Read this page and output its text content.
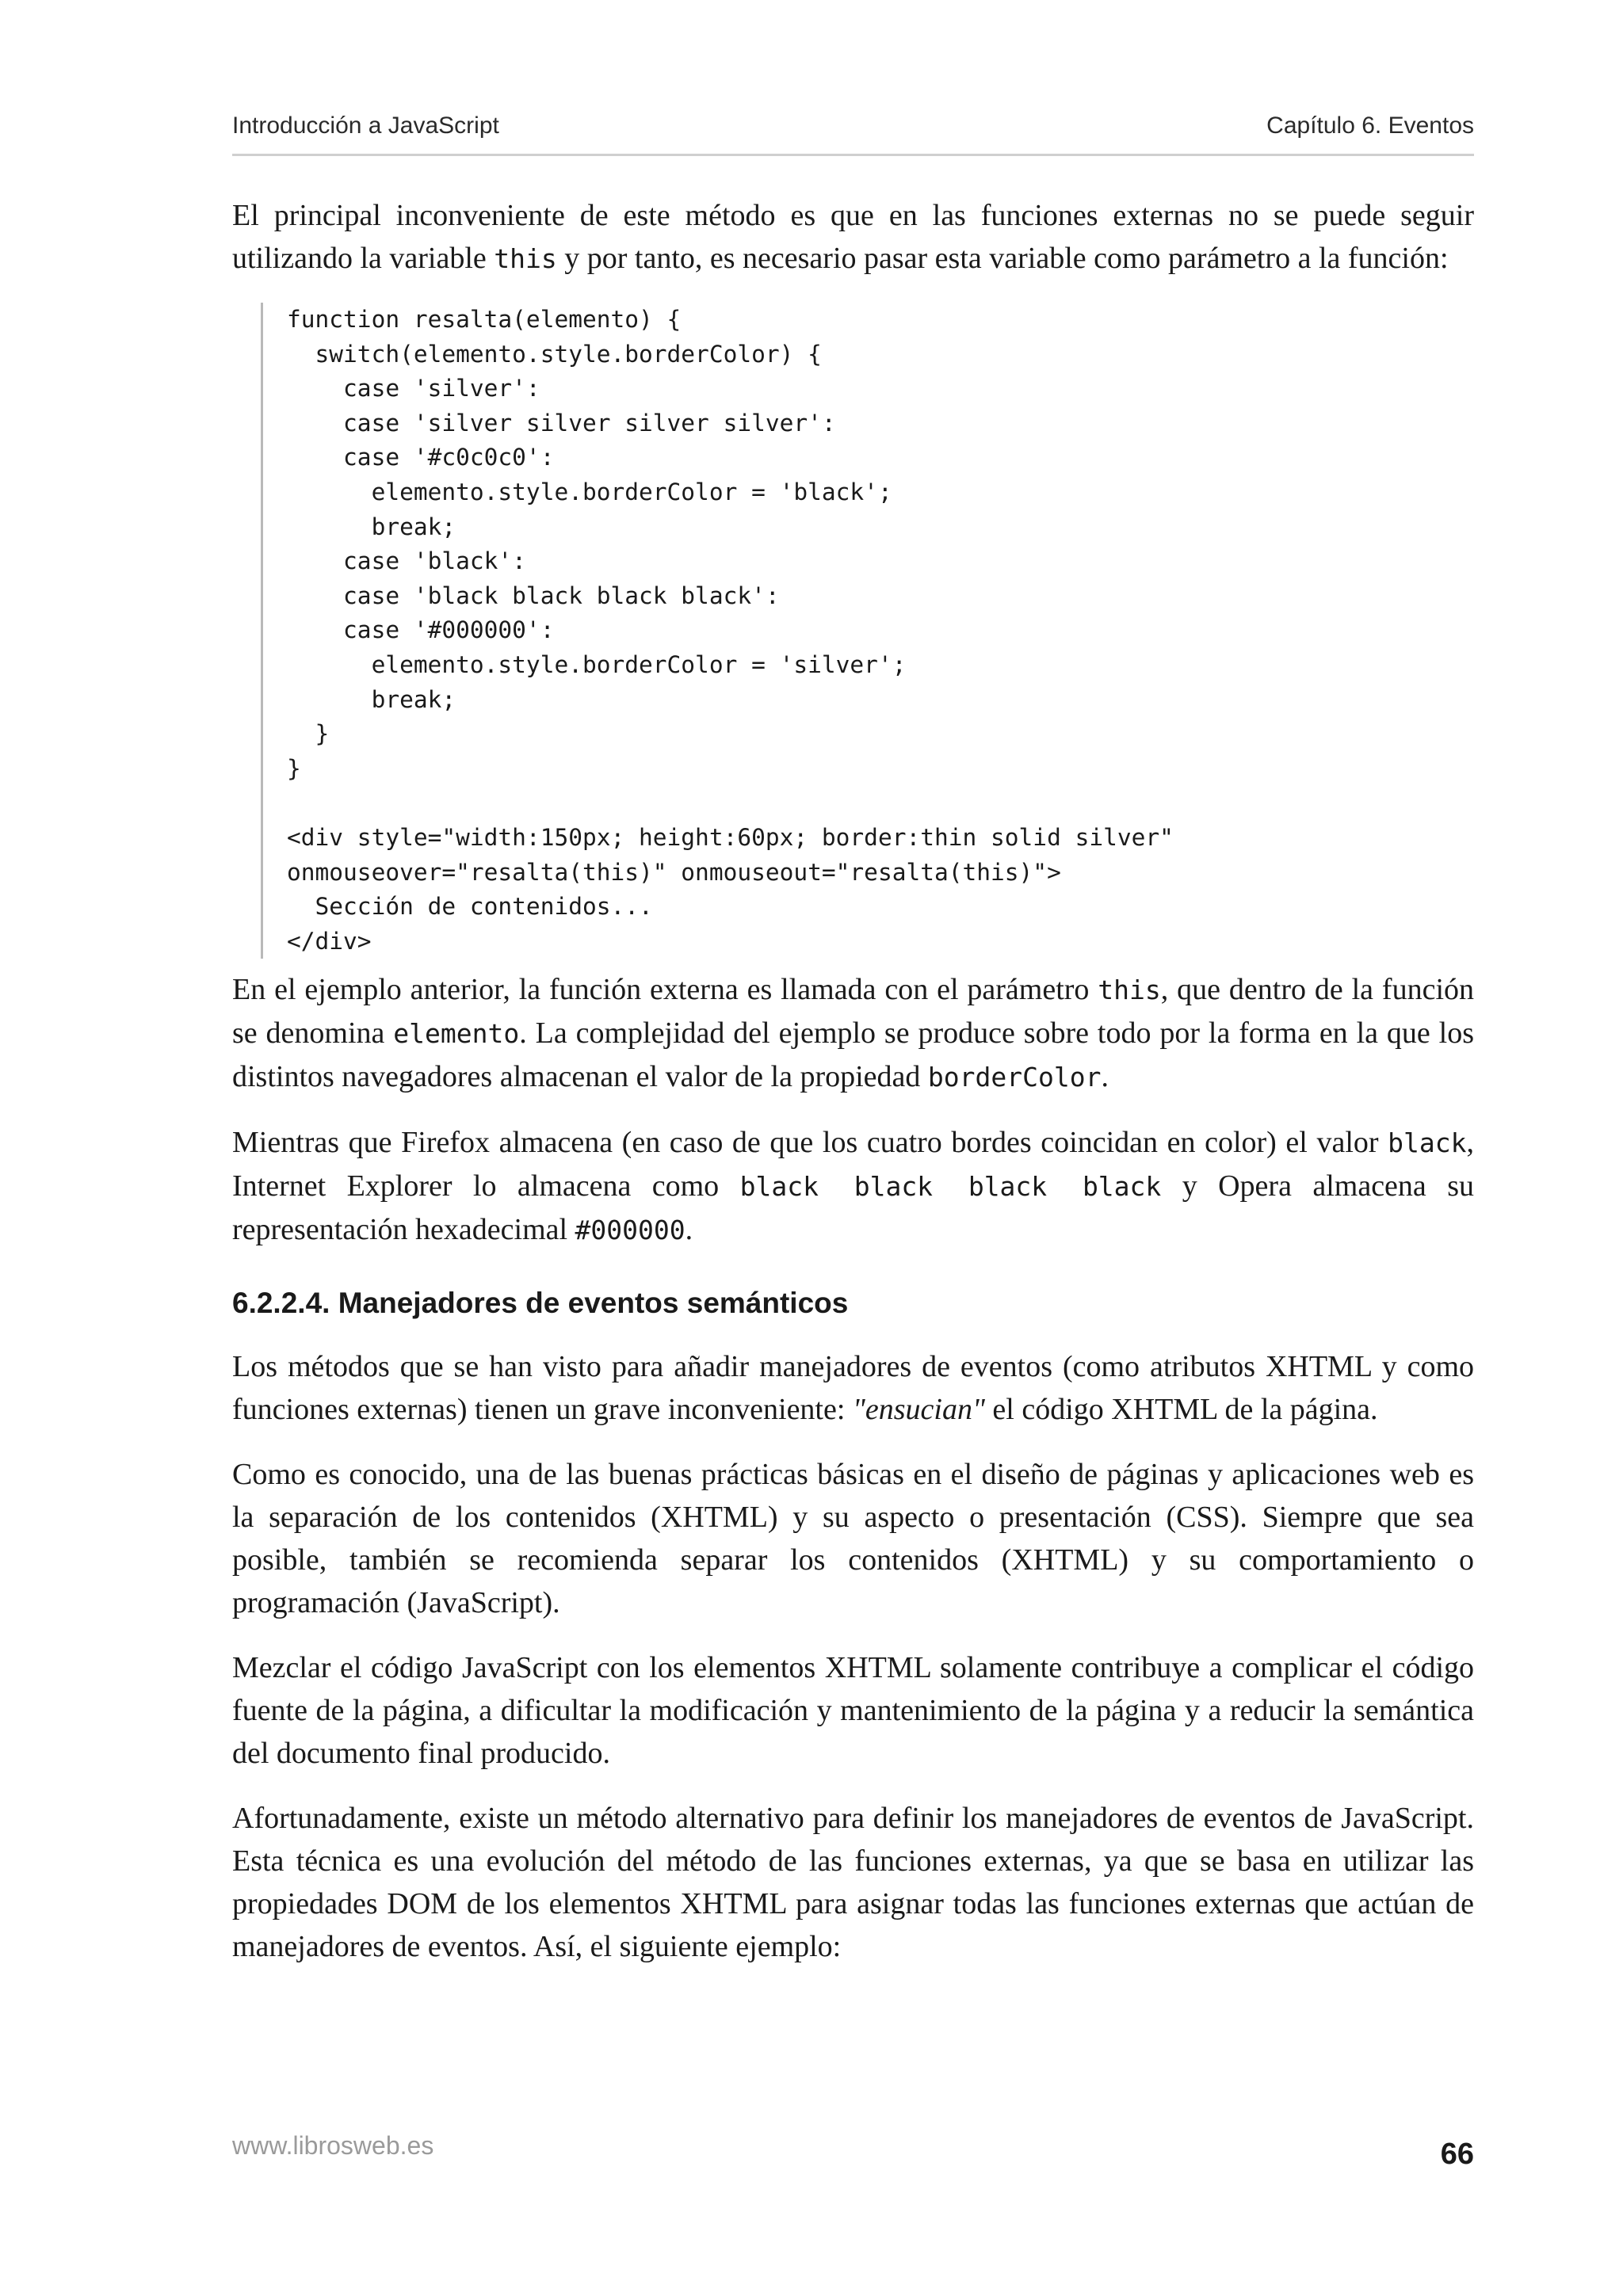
Introducción a JavaScript	Capítulo 6. Eventos

El principal inconveniente de este método es que en las funciones externas no se puede seguir utilizando la variable this y por tanto, es necesario pasar esta variable como parámetro a la función:

function resalta(elemento) {
switch(elemento.style.borderColor) {
case 'silver':
case 'silver silver silver silver':
case '#c0c0c0':
elemento.style.borderColor = 'black';
break;
case 'black':
case 'black black black black':
case '#000000':
elemento.style.borderColor = 'silver';
break;
}
}

<div style="width:150px; height:60px; border:thin solid silver"
onmouseover="resalta(this)" onmouseout="resalta(this)">
Sección de contenidos...
</div>

En el ejemplo anterior, la función externa es llamada con el parámetro this, que dentro de la función se denomina elemento. La complejidad del ejemplo se produce sobre todo por la forma en la que los distintos navegadores almacenan el valor de la propiedad borderColor.

Mientras que Firefox almacena (en caso de que los cuatro bordes coincidan en color) el valor black, Internet Explorer lo almacena como black black black black y Opera almacena su representación hexadecimal #000000.

6.2.2.4. Manejadores de eventos semánticos

Los métodos que se han visto para añadir manejadores de eventos (como atributos XHTML y como funciones externas) tienen un grave inconveniente: "ensucian" el código XHTML de la página.

Como es conocido, una de las buenas prácticas básicas en el diseño de páginas y aplicaciones web es la separación de los contenidos (XHTML) y su aspecto o presentación (CSS). Siempre que sea posible, también se recomienda separar los contenidos (XHTML) y su comportamiento o programación (JavaScript).

Mezclar el código JavaScript con los elementos XHTML solamente contribuye a complicar el código fuente de la página, a dificultar la modificación y mantenimiento de la página y a reducir la semántica del documento final producido.

Afortunadamente, existe un método alternativo para definir los manejadores de eventos de JavaScript. Esta técnica es una evolución del método de las funciones externas, ya que se basa en utilizar las propiedades DOM de los elementos XHTML para asignar todas las funciones externas que actúan de manejadores de eventos. Así, el siguiente ejemplo:

www.librosweb.es	66
